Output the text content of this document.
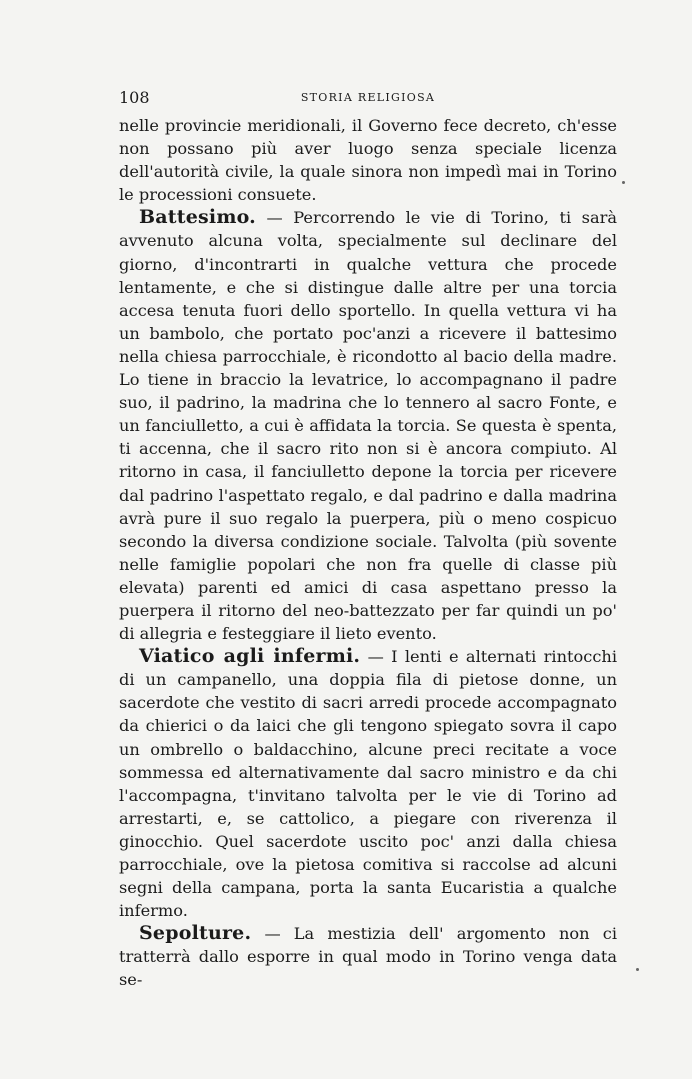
108	STORIA RELIGIOSA

nelle provincie meridionali, il Governo fece decreto, ch'esse non possano più aver luogo senza speciale licenza dell'autorità civile, la quale sinora non impedì mai in Torino le processioni consuete.

Battesimo. — Percorrendo le vie di Torino, ti sarà avvenuto alcuna volta, specialmente sul declinare del giorno, d'incontrarti in qualche vettura che procede lentamente, e che si distingue dalle altre per una torcia accesa tenuta fuori dello sportello. In quella vettura vi ha un bambolo, che portato poc'anzi a ricevere il battesimo nella chiesa parrocchiale, è ricondotto al bacio della madre. Lo tiene in braccio la levatrice, lo accompagnano il padre suo, il padrino, la madrina che lo tennero al sacro Fonte, e un fanciulletto, a cui è affidata la torcia. Se questa è spenta, ti accenna, che il sacro rito non si è ancora compiuto. Al ritorno in casa, il fanciulletto depone la torcia per ricevere dal padrino l'aspettato regalo, e dal padrino e dalla madrina avrà pure il suo regalo la puerpera, più o meno cospicuo secondo la diversa condizione sociale. Talvolta (più sovente nelle famiglie popolari che non fra quelle di classe più elevata) parenti ed amici di casa aspettano presso la puerpera il ritorno del neo-battezzato per far quindi un po' di allegria e festeggiare il lieto evento.

Viatico agli infermi. — I lenti e alternati rintocchi di un campanello, una doppia fila di pietose donne, un sacerdote che vestito di sacri arredi procede accompagnato da chierici o da laici che gli tengono spiegato sovra il capo un ombrello o baldacchino, alcune preci recitate a voce sommessa ed alternativamente dal sacro ministro e da chi l'accompagna, t'invitano talvolta per le vie di Torino ad arrestarti, e, se cattolico, a piegare con riverenza il ginocchio. Quel sacerdote uscito poc' anzi dalla chiesa parrocchiale, ove la pietosa comitiva si raccolse ad alcuni segni della campana, porta la santa Eucaristia a qualche infermo.

Sepolture. — La mestizia dell' argomento non ci tratterrà dallo esporre in qual modo in Torino venga data se-
